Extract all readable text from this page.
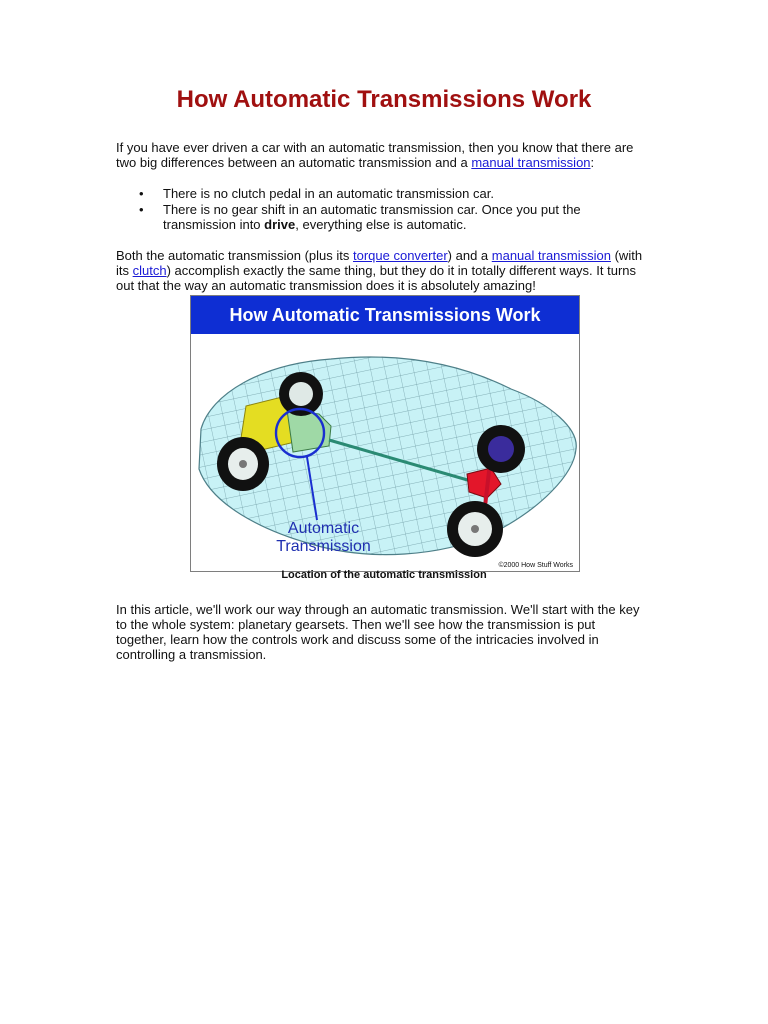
How Automatic Transmissions Work

If you have ever driven a car with an automatic transmission, then you know that there are two big differences between an automatic transmission and a manual transmission:

• There is no clutch pedal in an automatic transmission car.
• There is no gear shift in an automatic transmission car. Once you put the transmission into drive, everything else is automatic.

Both the automatic transmission (plus its torque converter) and a manual transmission (with its clutch) accomplish exactly the same thing, but they do it in totally different ways. It turns out that the way an automatic transmission does it is absolutely amazing!

How Automatic Transmissions Work
Automatic
Transmission
©2000 How Stuff Works
Location of the automatic transmission

In this article, we'll work our way through an automatic transmission. We'll start with the key to the whole system: planetary gearsets. Then we'll see how the transmission is put together, learn how the controls work and discuss some of the intricacies involved in controlling a transmission.
